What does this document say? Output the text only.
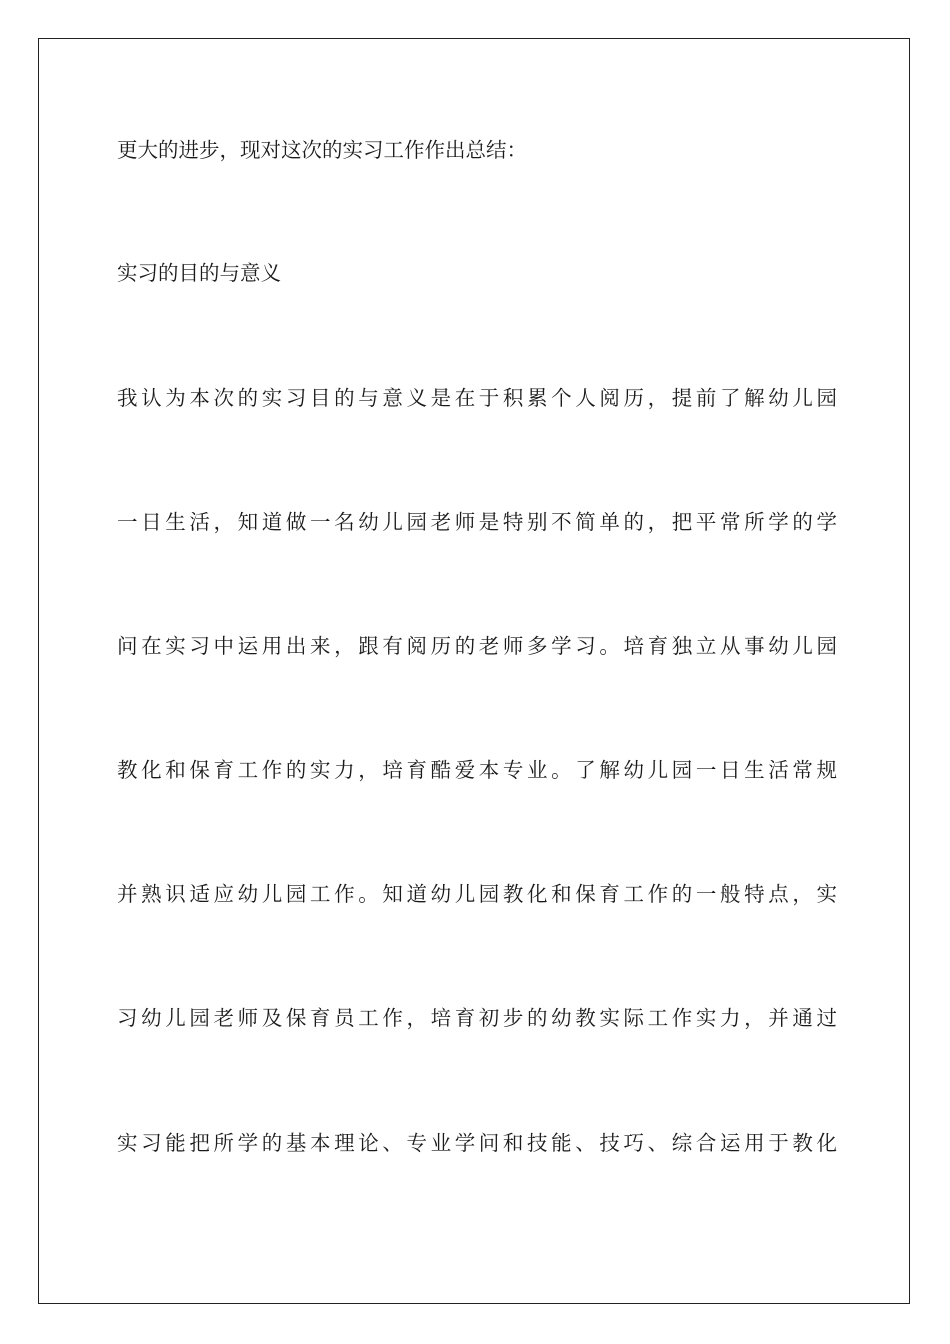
更大的进步，现对这次的实习工作作出总结：
实习的目的与意义
我认为本次的实习目的与意义是在于积累个人阅历，提前了解幼儿园
一日生活，知道做一名幼儿园老师是特别不简单的，把平常所学的学
问在实习中运用出来，跟有阅历的老师多学习。培育独立从事幼儿园
教化和保育工作的实力，培育酷爱本专业。了解幼儿园一日生活常规
并熟识适应幼儿园工作。知道幼儿园教化和保育工作的一般特点，实
习幼儿园老师及保育员工作，培育初步的幼教实际工作实力，并通过
实习能把所学的基本理论、专业学问和技能、技巧、综合运用于教化
